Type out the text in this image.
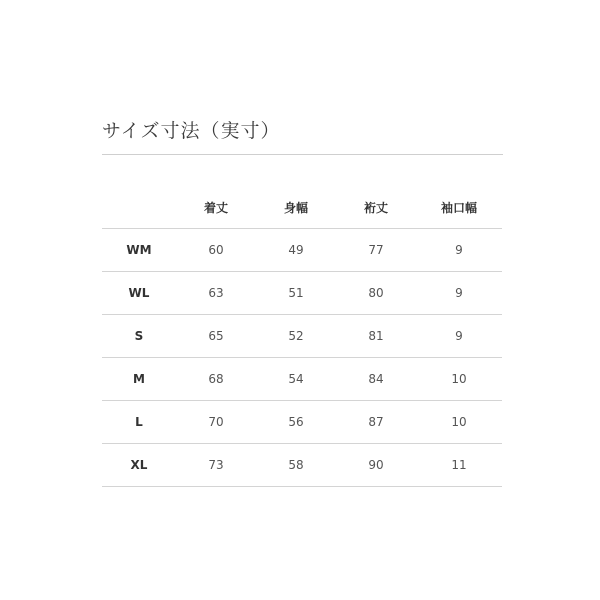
サイズ寸法（実寸）
	着丈	身幅	裄丈	袖口幅
WM	60	49	77	9
WL	63	51	80	9
S	65	52	81	9
M	68	54	84	10
L	70	56	87	10
XL	73	58	90	11
